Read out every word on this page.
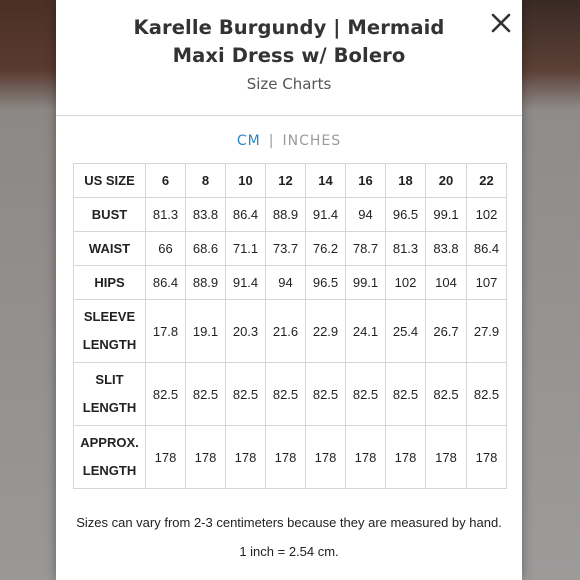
Karelle Burgundy | Mermaid Maxi Dress w/ Bolero
Size Charts
CM | INCHES
US SIZE	6	8	10	12	14	16	18	20	22

BUST	81.3	83.8	86.4	88.9	91.4	94	96.5	99.1	102

WAIST	66	68.6	71.1	73.7	76.2	78.7	81.3	83.8	86.4

HIPS	86.4	88.9	91.4	94	96.5	99.1	102	104	107

SLEEVE
LENGTH	17.8	19.1	20.3	21.6	22.9	24.1	25.4	26.7	27.9

SLIT
LENGTH	82.5	82.5	82.5	82.5	82.5	82.5	82.5	82.5	82.5

APPROX.
LENGTH	178	178	178	178	178	178	178	178	178
Sizes can vary from 2-3 centimeters because they are measured by hand. 1 inch = 2.54 cm.
